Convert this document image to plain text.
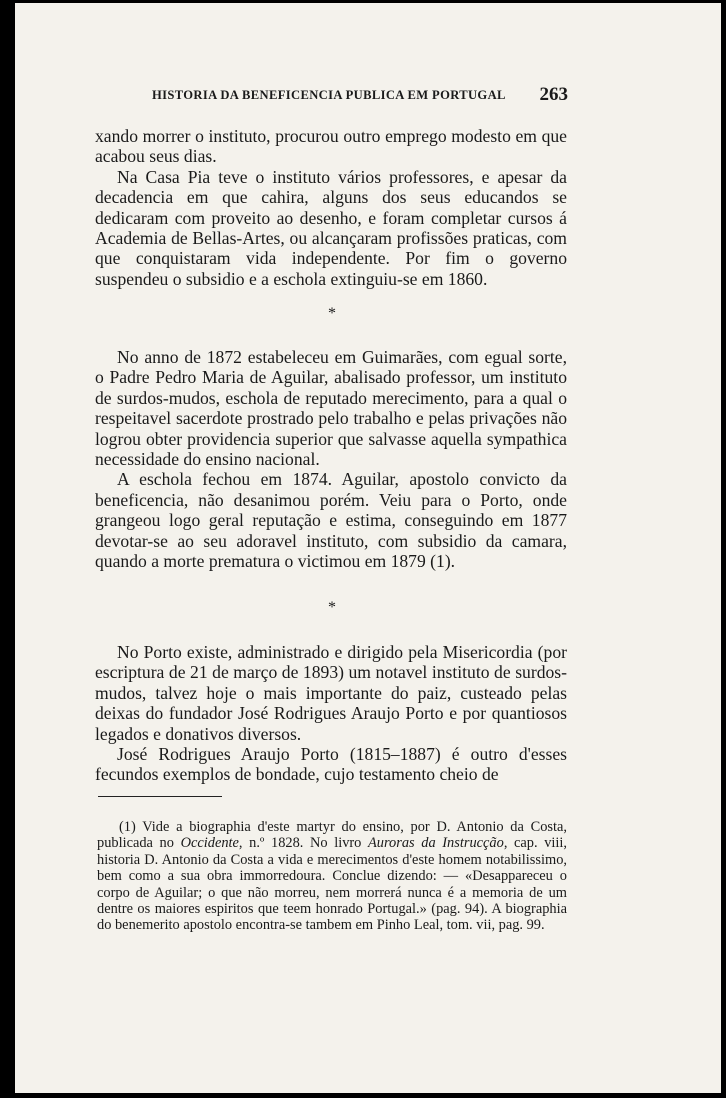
HISTORIA DA BENEFICENCIA PUBLICA EM PORTUGAL 263

xando morrer o instituto, procurou outro emprego modesto em que acabou seus dias.

Na Casa Pia teve o instituto vários professores, e apesar da decadencia em que cahira, alguns dos seus educandos se dedicaram com proveito ao desenho, e foram completar cursos á Academia de Bellas-Artes, ou alcançaram profissões praticas, com que conquistaram vida independente. Por fim o governo suspendeu o subsidio e a eschola extinguiu-se em 1860.

*

No anno de 1872 estabeleceu em Guimarães, com egual sorte, o Padre Pedro Maria de Aguilar, abalisado professor, um instituto de surdos-mudos, eschola de reputado merecimento, para a qual o respeitavel sacerdote prostrado pelo trabalho e pelas privações não logrou obter providencia superior que salvasse aquella sympathica necessidade do ensino nacional.

A eschola fechou em 1874. Aguilar, apostolo convicto da beneficencia, não desanimou porém. Veiu para o Porto, onde grangeou logo geral reputação e estima, conseguindo em 1877 devotar-se ao seu adoravel instituto, com subsidio da camara, quando a morte prematura o victimou em 1879 (1).

*

No Porto existe, administrado e dirigido pela Misericordia (por escriptura de 21 de março de 1893) um notavel instituto de surdos-mudos, talvez hoje o mais importante do paiz, custeado pelas deixas do fundador José Rodrigues Araujo Porto e por quantiosos legados e donativos diversos.

José Rodrigues Araujo Porto (1815–1887) é outro d'esses fecundos exemplos de bondade, cujo testamento cheio de

(1) Vide a biographia d'este martyr do ensino, por D. Antonio da Costa, publicada no Occidente, n.º 1828. No livro Auroras da Instrucção, cap. viii, historia D. Antonio da Costa a vida e merecimentos d'este homem notabilissimo, bem como a sua obra immorredoura. Conclue dizendo: — «Desappareceu o corpo de Aguilar; o que não morreu, nem morrerá nunca é a memoria de um dentre os maiores espiritos que teem honrado Portugal.» (pag. 94). A biographia do benemerito apostolo encontra-se tambem em Pinho Leal, tom. vii, pag. 99.
